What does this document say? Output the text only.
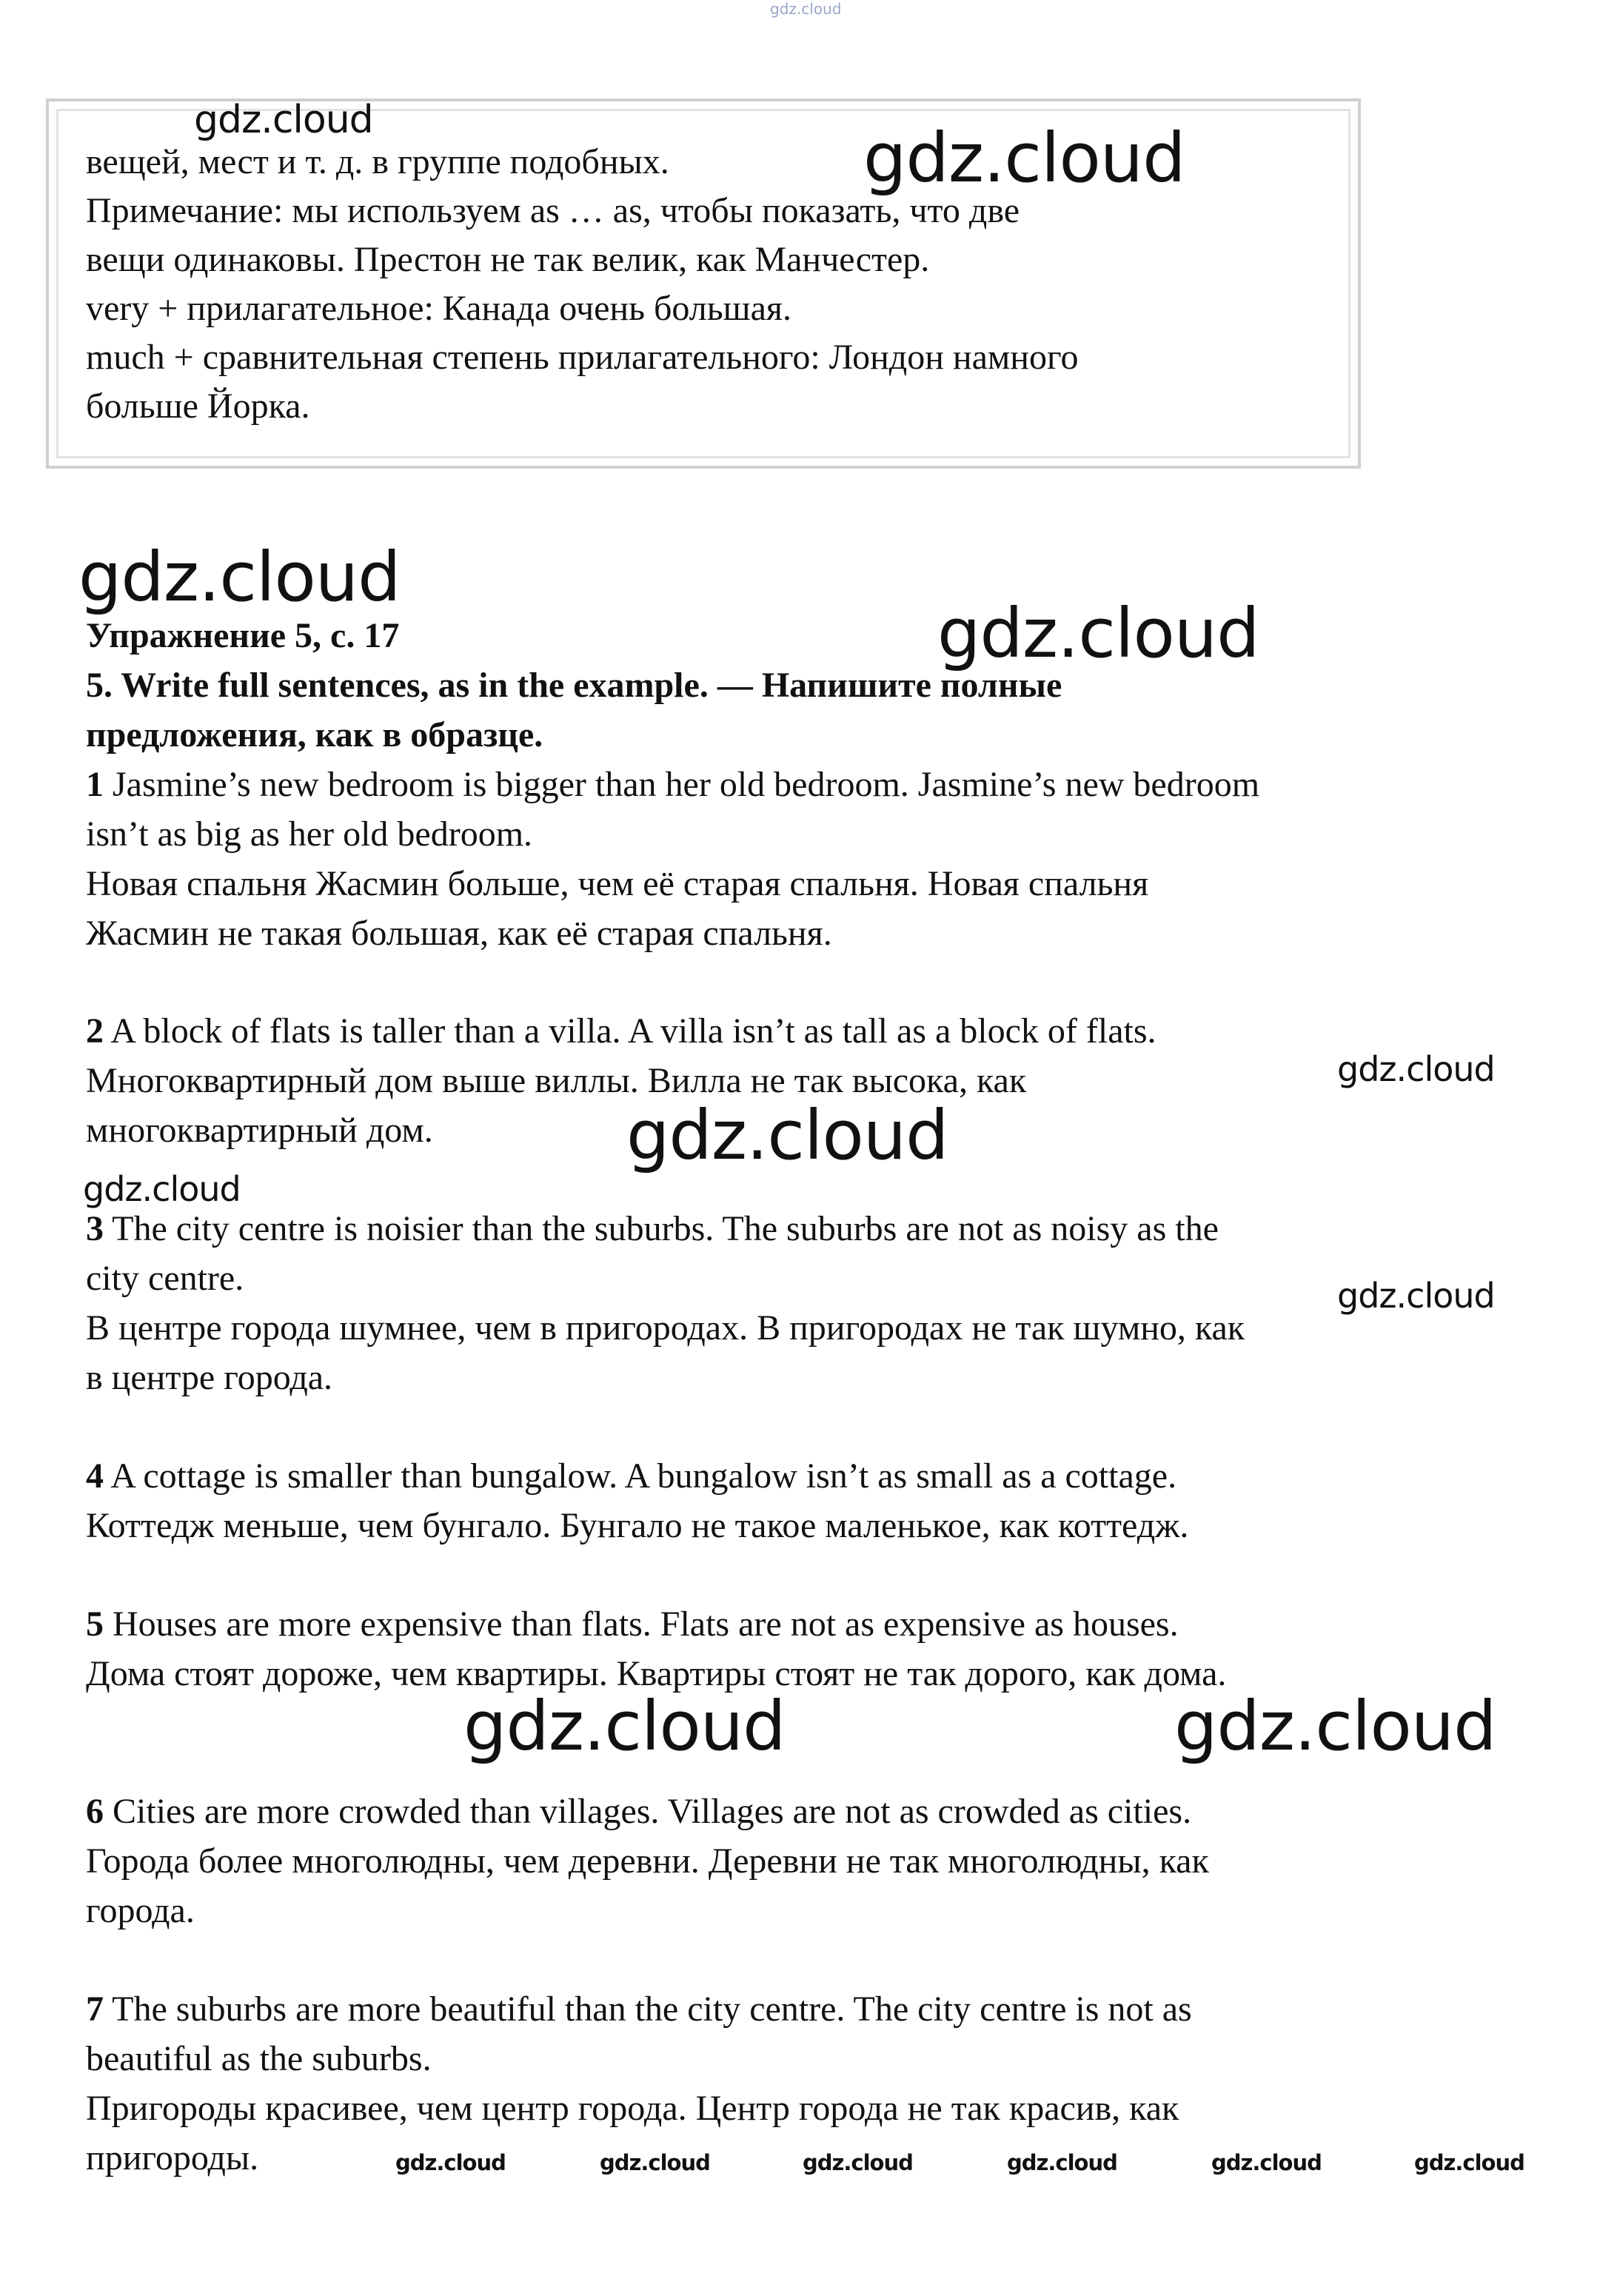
gdz.cloud
вещей, мест и т. д. в группе подобных.
Примечание: мы используем as … as, чтобы показать, что две
вещи одинаковы. Престон не так велик, как Манчестер.
very + прилагательное: Канада очень большая.
much + сравнительная степень прилагательного: Лондон намного
больше Йорка.
Упражнение 5, с. 17
5. Write full sentences, as in the example. — Напишите полные
предложения, как в образце.
1 Jasmine’s new bedroom is bigger than her old bedroom. Jasmine’s new bedroom
isn’t as big as her old bedroom.
Новая спальня Жасмин больше, чем её старая спальня. Новая спальня
Жасмин не такая большая, как её старая спальня.
2 A block of flats is taller than a villa. A villa isn’t as tall as a block of flats.
Многоквартирный дом выше виллы. Вилла не так высока, как
многоквартирный дом.
3 The city centre is noisier than the suburbs. The suburbs are not as noisy as the
city centre.
В центре города шумнее, чем в пригородах. В пригородах не так шумно, как
в центре города.
4 A cottage is smaller than bungalow. A bungalow isn’t as small as a cottage.
Коттедж меньше, чем бунгало. Бунгало не такое маленькое, как коттедж.
5 Houses are more expensive than flats. Flats are not as expensive as houses.
Дома стоят дороже, чем квартиры. Квартиры стоят не так дорого, как дома.
6 Cities are more crowded than villages. Villages are not as crowded as cities.
Города более многолюдны, чем деревни. Деревни не так многолюдны, как
города.
7 The suburbs are more beautiful than the city centre. The city centre is not as
beautiful as the suburbs.
Пригороды красивее, чем центр города. Центр города не так красив, как
пригороды.
gdz.cloud	gdz.cloud
gdz.cloud
gdz.cloud
gdz.cloud
gdz.cloud
gdz.cloud
gdz.cloud
gdz.cloud	gdz.cloud
gdz.cloud	gdz.cloud	gdz.cloud	gdz.cloud	gdz.cloud	gdz.cloud
